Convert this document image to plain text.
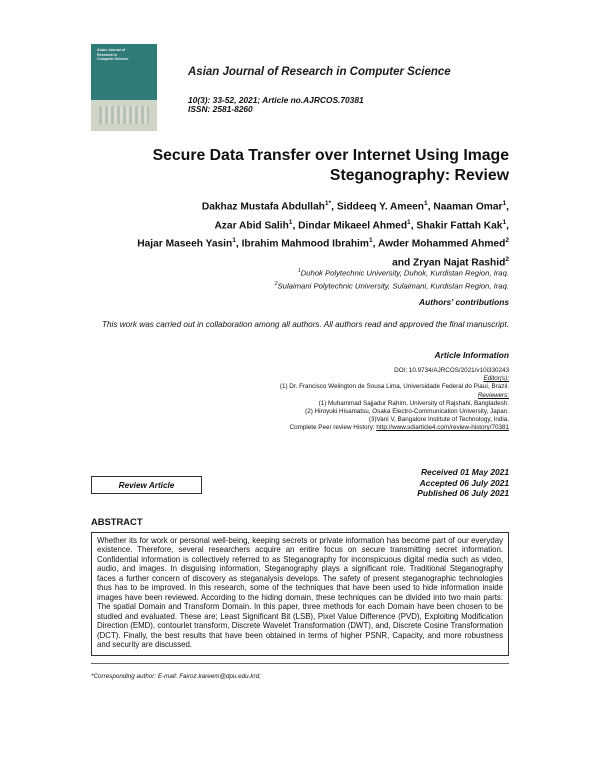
Asian Journal of
Research in
Computer Science
Asian Journal of Research in Computer Science
10(3): 33-52, 2021; Article no.AJRCOS.70381
ISSN: 2581-8260
Secure Data Transfer over Internet Using Image
Steganography: Review
Dakhaz Mustafa Abdullah$^{1*}$, Siddeeq Y. Ameen$^1$, Naaman Omar$^1$,
Azar Abid Salih$^1$, Dindar Mikaeel Ahmed$^1$, Shakir Fattah Kak$^1$,
Hajar Maseeh Yasin$^1$, Ibrahim Mahmood Ibrahim$^1$, Awder Mohammed Ahmed$^2$
and Zryan Najat Rashid$^2$
$^1$Duhok Polytechnic University, Duhok, Kurdistan Region, Iraq.
$^2$Sulaimani Polytechnic University, Sulaimani, Kurdistan Region, Iraq.
Authors’ contributions
This work was carried out in collaboration among all authors. All authors read and approved the final manuscript.
Article Information
DOI: 10.9734/AJRCOS/2021/v10i330243
Editor(s):
(1) Dr. Francisco Welington de Sousa Lima, Universidade Federal do Piauí, Brazil.
Reviewers:
(1) Muhammad Sajjadur Rahim, University of Rajshahi, Bangladesh.
(2) Hiroyuki Hisamatsu, Osaka Electro-Communication University, Japan.
(3)Vani V, Bangalore Institute of Technology, India.
Complete Peer review History: http://www.sdiarticle4.com/review-history/70381
Review Article
Received 01 May 2021
Accepted 06 July 2021
Published 06 July 2021
ABSTRACT
Whether its for work or personal well-being, keeping secrets or private information has become part of our everyday existence. Therefore, several researchers acquire an entire focus on secure transmitting secret information. Confidential information is collectively referred to as Steganography for inconspicuous digital media such as video, audio, and images. In disguising information, Steganography plays a significant role. Traditional Steganography faces a further concern of discovery as steganalysis develops. The safety of present steganographic technologies thus has to be improved. In this research, some of the techniques that have been used to hide information inside images have been reviewed. According to the hiding domain, these techniques can be divided into two main parts: The spatial Domain and Transform Domain. In this paper, three methods for each Domain have been chosen to be studied and evaluated. These are; Least Significant Bit (LSB), Pixel Value Difference (PVD), Exploiting Modification Direction (EMD), contourlet transform, Discrete Wavelet Transformation (DWT), and, Discrete Cosine Transformation (DCT). Finally, the best results that have been obtained in terms of higher PSNR, Capacity, and more robustness and security are discussed.
*Corresponding author: E-mail: Fairoz.kareem@dpu.edu.krd;
